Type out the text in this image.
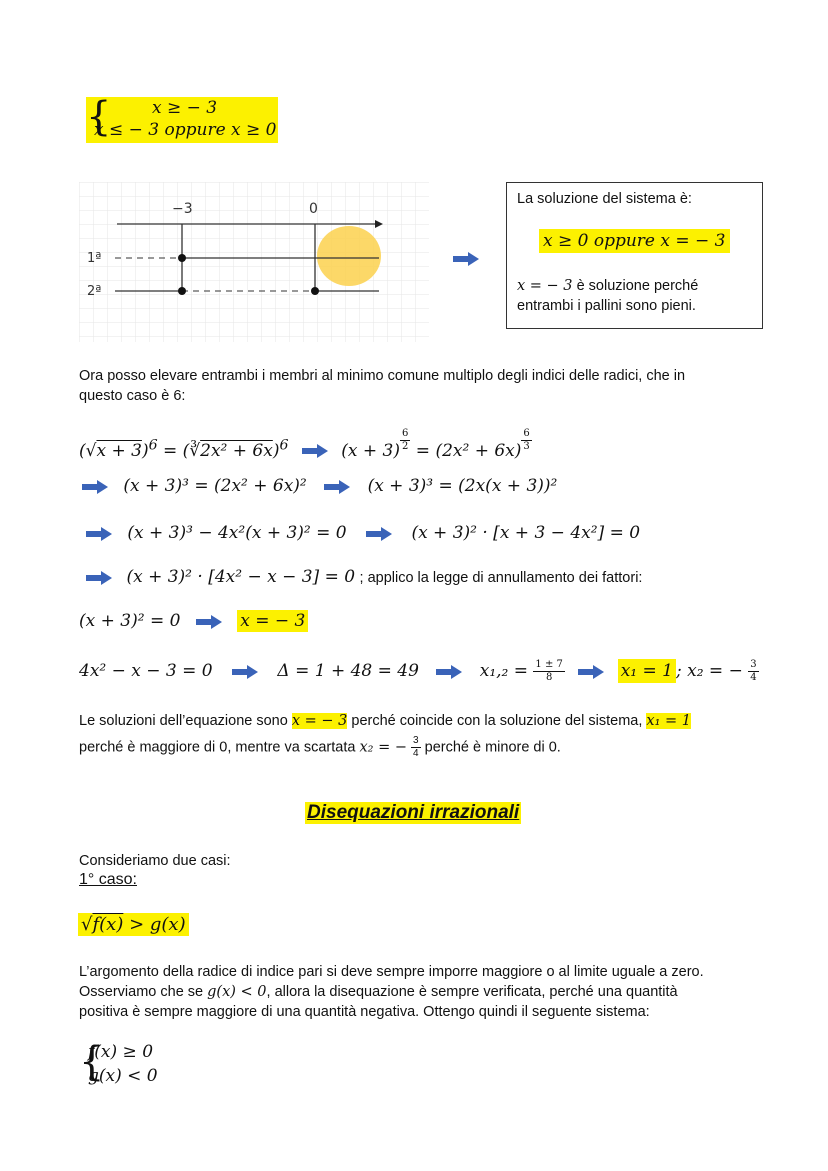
{ x ≥ − 3
x ≤ − 3 oppure x ≥ 0
−3	0
1ª
2ª
La soluzione del sistema è:
x ≥ 0 oppure x = − 3
x = − 3 è soluzione perché
entrambi i pallini sono pieni.
Ora posso elevare entrambi i membri al minimo comune multiplo degli indici delle radici, che in
questo caso è 6:
$(√x + 3)^6$ = (∛2x² + 6x)$^6$	$(x + 3) \frac{6}{2} = (2x^2 + 6x) \frac{6}{3}$
(x + 3)³ = (2x² + 6x)²	(x + 3)³ = (2x(x + 3))²
(x + 3)³ − 4x²(x + 3)² = 0	(x + 3)² · [x + 3 − 4x²] = 0
(x + 3)² · [4x² − x − 3] = 0 ; applico la legge di annullamento dei fattori:
(x + 3)² = 0	x = − 3
4x² − x − 3 = 0	Δ = 1 + 48 = 49	$x_1,_2 = \frac{1 \pm 7}{8}$	x₁ = 1 ; x₂ = − $\frac{3}{4}$
Le soluzioni dell’equazione sono x = − 3 perché coincide con la soluzione del sistema, x₁ = 1
perché è maggiore di 0, mentre va scartata x₂ = − $\frac{3}{4}$ perché è minore di 0.
Disequazioni irrazionali
Consideriamo due casi:
1° caso:
√f(x) > g(x)
L’argomento della radice di indice pari si deve sempre imporre maggiore o al limite uguale a zero.
Osserviamo che se g(x) < 0, allora la disequazione è sempre verificata, perché una quantità
positiva è sempre maggiore di una quantità negativa. Ottengo quindi il seguente sistema:
{
f(x) ≥ 0
g(x) < 0
